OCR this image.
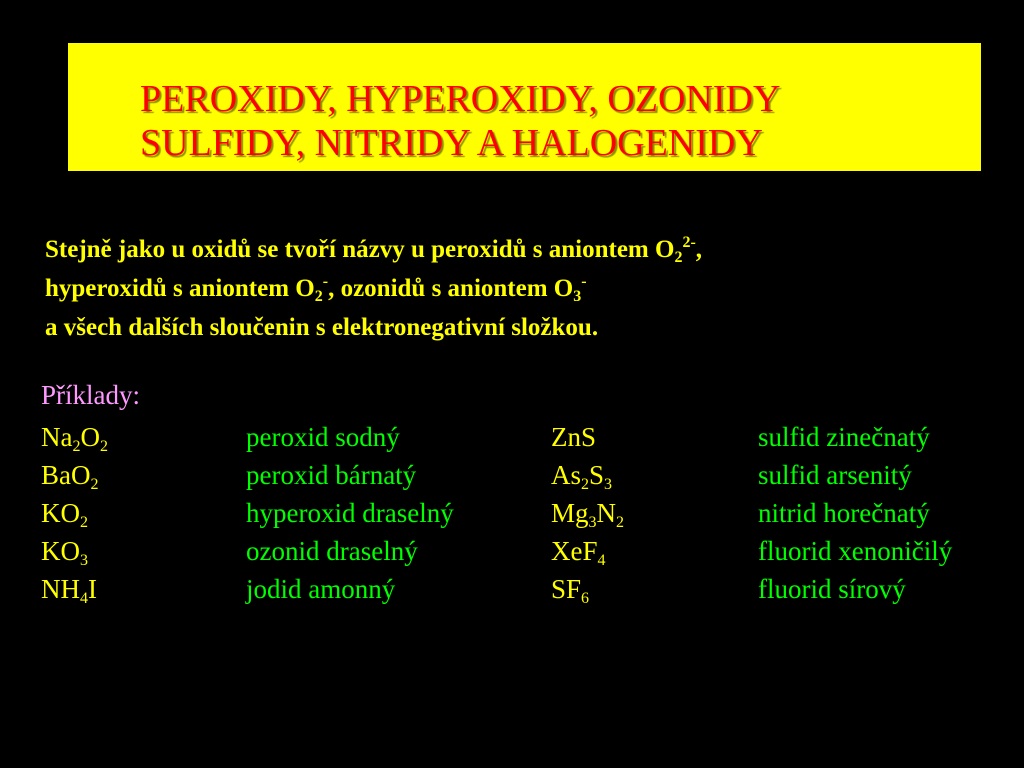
PEROXIDY, HYPEROXIDY, OZONIDY
SULFIDY, NITRIDY A HALOGENIDY
Stejně jako u oxidů se tvoří názvy u peroxidů s aniontem $O_2^{2-}$,
hyperoxidů s aniontem $O_2^-$, ozonidů s aniontem $O_3^-$
a všech dalších sloučenin s elektronegativní složkou.
Příklady:
$Na_2O_2$	peroxid sodný	ZnS	sulfid zinečnatý
BaO$_2$	peroxid bárnatý	$As_2S_3$	sulfid arsenitý
$KO_2$	hyperoxid draselný	$Mg_3N_2$	nitrid horečnatý
$KO_3$	ozonid draselný	XeF$_4$	fluorid xenoničilý
$NH_4I$	jodid amonný	$SF_6$	fluorid sírový
